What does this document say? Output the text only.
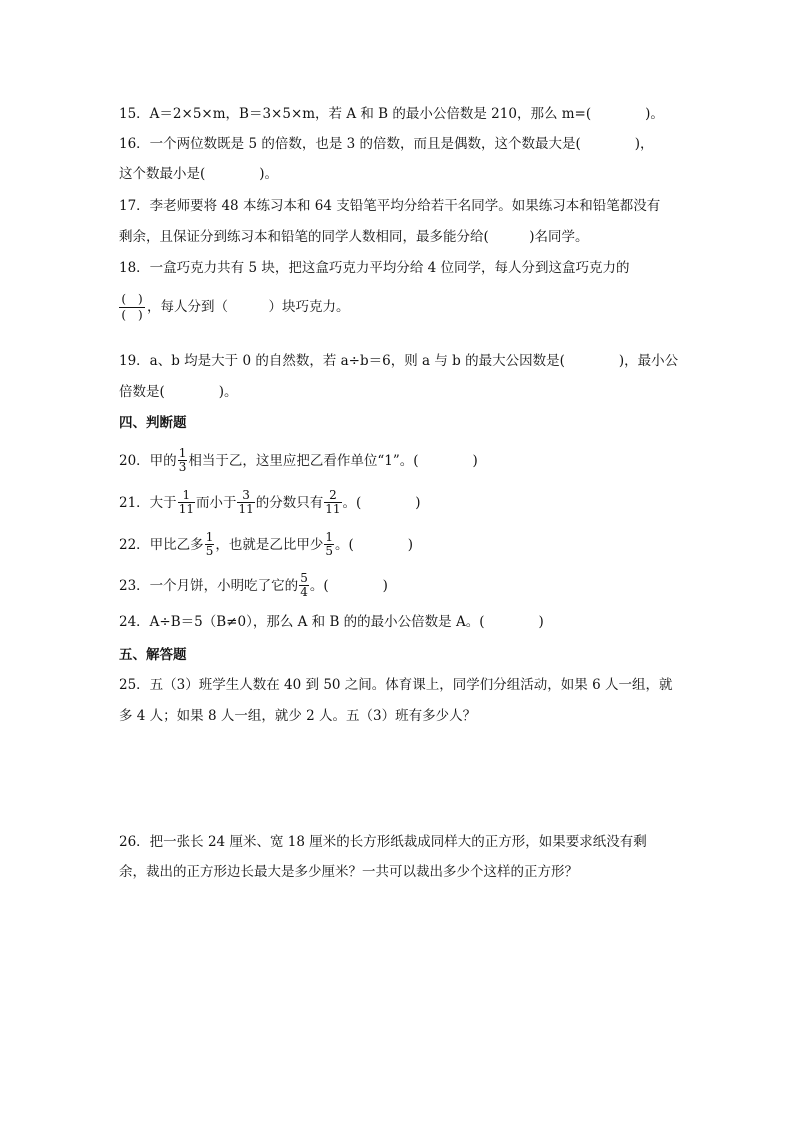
15．A＝2×5×m，B＝3×5×m，若 A 和 B 的最小公倍数是 210，那么 m=(　　　　)。
16．一个两位数既是 5 的倍数，也是 3 的倍数，而且是偶数，这个数最大是(　　　　)，
这个数最小是(　　　　)。
17．李老师要将 48 本练习本和 64 支铅笔平均分给若干名同学。如果练习本和铅笔都没有
剩余，且保证分到练习本和铅笔的同学人数相同，最多能分给(　　　)名同学。
18．一盒巧克力共有 5 块，把这盒巧克力平均分给 4 位同学，每人分到这盒巧克力的
(　)
(　) ，每人分到（　　　）块巧克力。
19．a、b 均是大于 0 的自然数，若 a÷b＝6，则 a 与 b 的最大公因数是(　　　　)，最小公
倍数是(　　　　)。
四、判断题
20．甲的 $\frac{1}{3}$ 相当于乙，这里应把乙看作单位“1”。(　　　　)
21．大于 $\frac{1}{11}$ 而小于 $\frac{3}{11}$ 的分数只有 $\frac{2}{11}$ 。(　　　　)
22．甲比乙多 $\frac{1}{5}$ ，也就是乙比甲少 $\frac{1}{5}$ 。(　　　　)
23．一个月饼，小明吃了它的 $\frac{5}{4}$ 。(　　　　)
24．A÷B＝5（B≠0），那么 A 和 B 的的最小公倍数是 A。(　　　　)
五、解答题
25．五（3）班学生人数在 40 到 50 之间。体育课上，同学们分组活动，如果 6 人一组，就
多 4 人；如果 8 人一组，就少 2 人。五（3）班有多少人？
26．把一张长 24 厘米、宽 18 厘米的长方形纸裁成同样大的正方形，如果要求纸没有剩
余，裁出的正方形边长最大是多少厘米？一共可以裁出多少个这样的正方形？
